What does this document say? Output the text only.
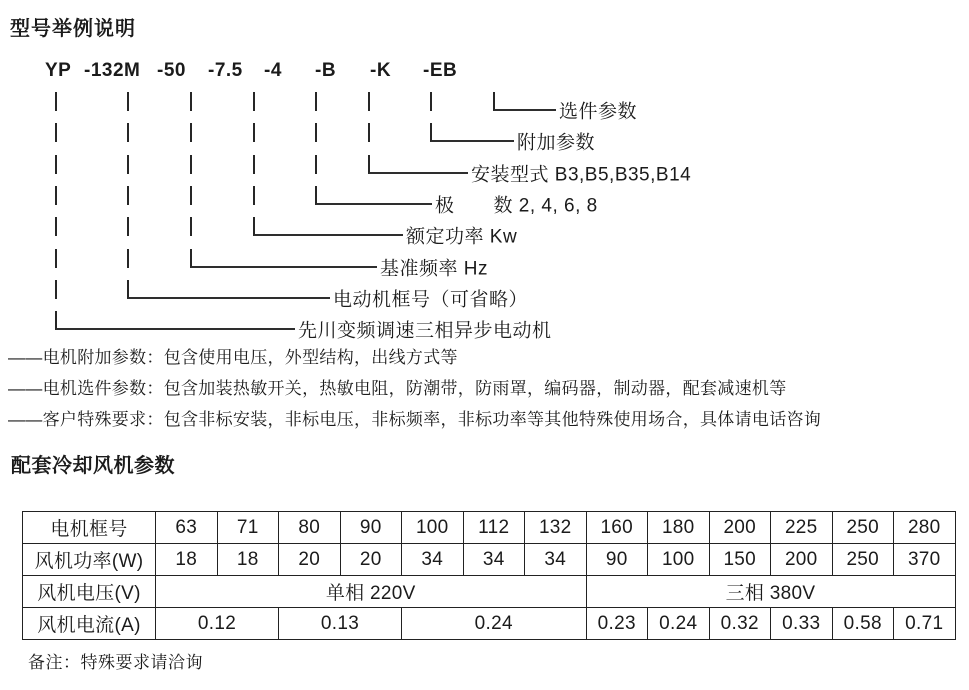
型号举例说明
YP -132M -50 -7.5 -4 -B -K -EB
选件参数
附加参数
安装型式 B3,B5,B35,B14
极　　数 2, 4, 6, 8
额定功率 Kw
基准频率 Hz
电动机框号（可省略）
先川变频调速三相异步电动机
——电机附加参数：包含使用电压，外型结构，出线方式等
——电机选件参数：包含加装热敏开关，热敏电阻，防潮带，防雨罩，编码器，制动器，配套减速机等
——客户特殊要求：包含非标安装，非标电压，非标频率，非标功率等其他特殊使用场合，具体请电话咨询
配套冷却风机参数
电机框号	63	71	80	90	100	112	132	160	180	200	225	250	280
风机功率(W)	18	18	20	20	34	34	34	90	100	150	200	250	370
风机电压(V)	单相 220V							三相 380V					
风机电流(A)	0.12		0.13		0.24			0.23	0.24	0.32	0.33	0.58	0.71
备注：特殊要求请洽询
